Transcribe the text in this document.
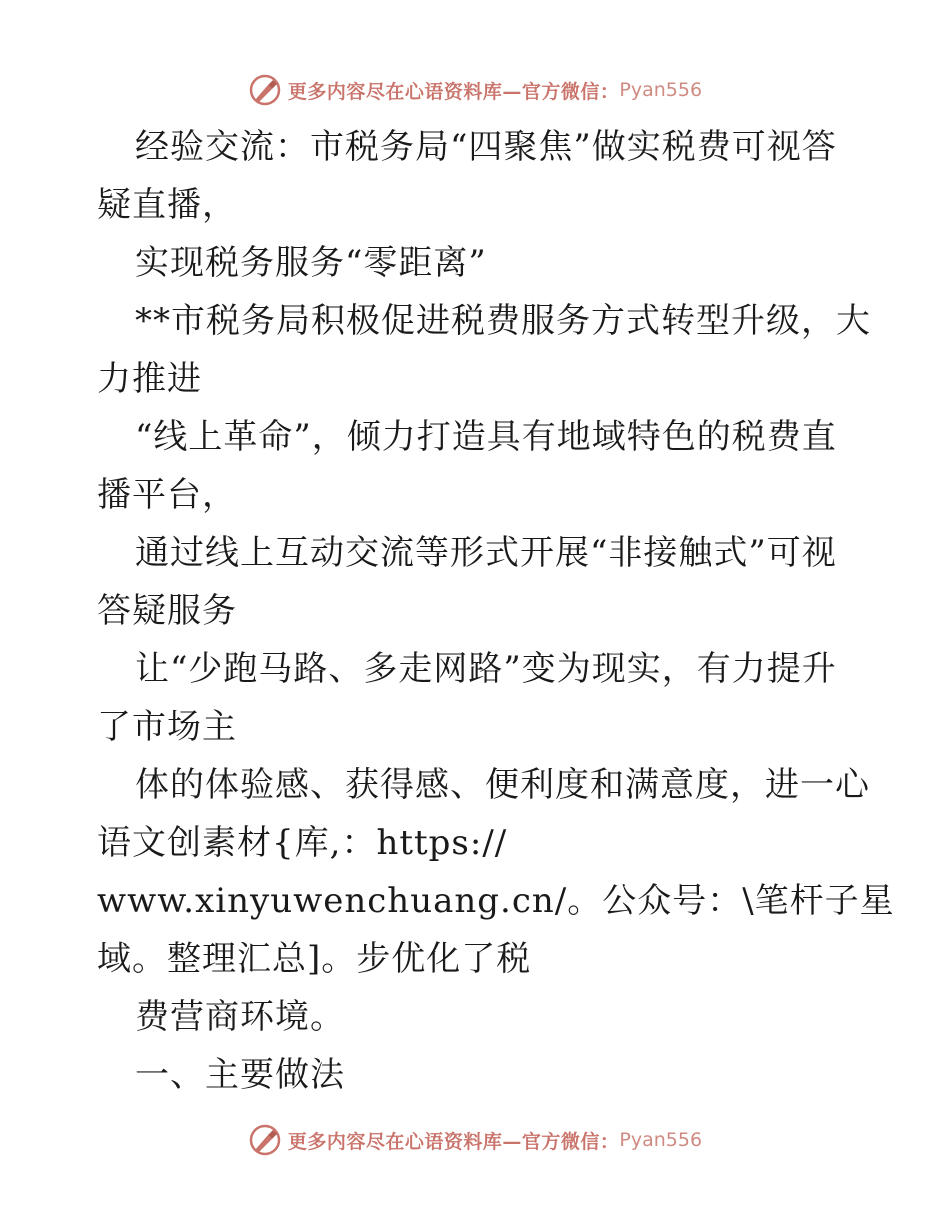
更多内容尽在心语资料库—官方微信： Pyan556
经验交流：市税务局“四聚焦”做实税费可视答
疑直播，
实现税务服务“零距离”
**市税务局积极促进税费服务方式转型升级，大
力推进
“线上革命”，倾力打造具有地域特色的税费直
播平台，
通过线上互动交流等形式开展“非接触式”可视
答疑服务
让“少跑马路、多走网路”变为现实，有力提升
了市场主
体的体验感、获得感、便利度和满意度，进一心
语文创素材{库,：https://
www.xinyuwenchuang.cn/。公众号：\笔杆子星
域。整理汇总]。步优化了税
费营商环境。
一、主要做法
更多内容尽在心语资料库—官方微信： Pyan556
